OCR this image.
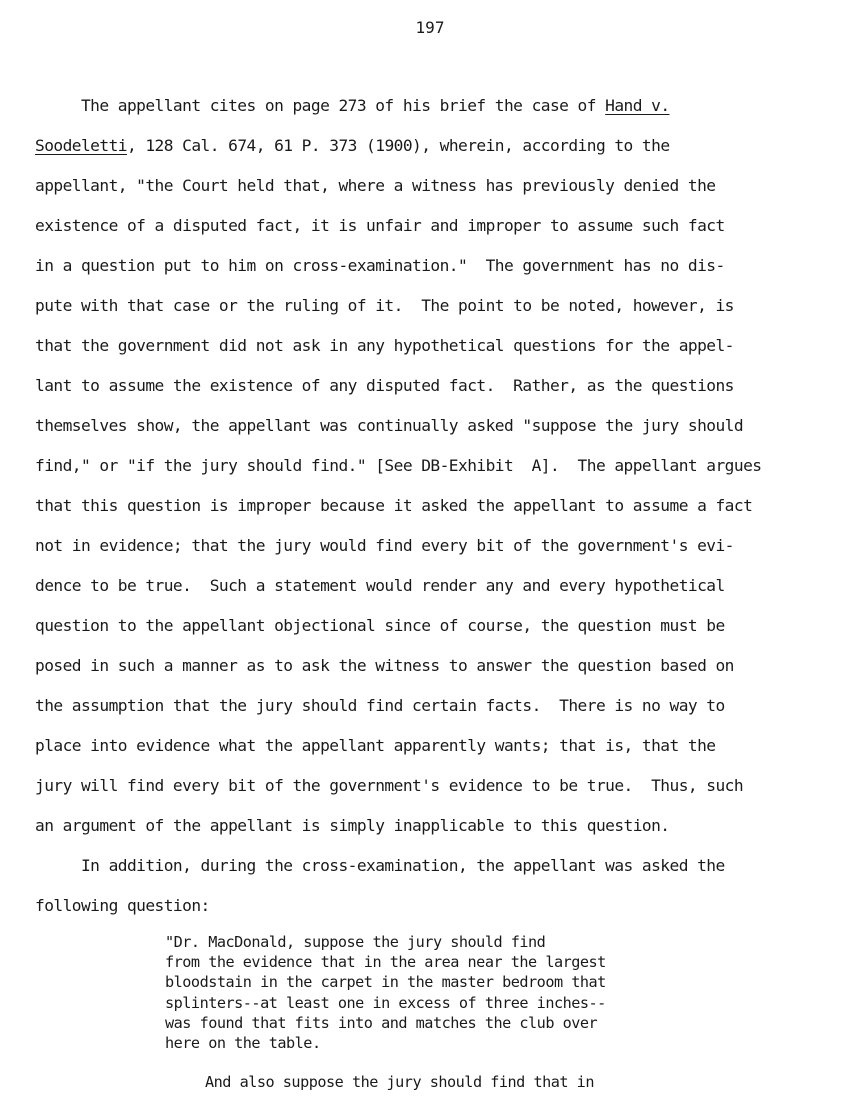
197
The appellant cites on page 273 of his brief the case of Hand v.
Soodeletti, 128 Cal. 674, 61 P. 373 (1900), wherein, according to the
appellant, "the Court held that, where a witness has previously denied the
existence of a disputed fact, it is unfair and improper to assume such fact
in a question put to him on cross-examination."  The government has no dis-
pute with that case or the ruling of it.  The point to be noted, however, is
that the government did not ask in any hypothetical questions for the appel-
lant to assume the existence of any disputed fact.  Rather, as the questions
themselves show, the appellant was continually asked "suppose the jury should
find," or "if the jury should find." [See DB-Exhibit  A].  The appellant argues
that this question is improper because it asked the appellant to assume a fact
not in evidence; that the jury would find every bit of the government's evi-
dence to be true.  Such a statement would render any and every hypothetical
question to the appellant objectional since of course, the question must be
posed in such a manner as to ask the witness to answer the question based on
the assumption that the jury should find certain facts.  There is no way to
place into evidence what the appellant apparently wants; that is, that the
jury will find every bit of the government's evidence to be true.  Thus, such
an argument of the appellant is simply inapplicable to this question.
In addition, during the cross-examination, the appellant was asked the
following question:
"Dr. MacDonald, suppose the jury should find
from the evidence that in the area near the largest
bloodstain in the carpet in the master bedroom that
splinters--at least one in excess of three inches--
was found that fits into and matches the club over
here on the table.
And also suppose the jury should find that in
